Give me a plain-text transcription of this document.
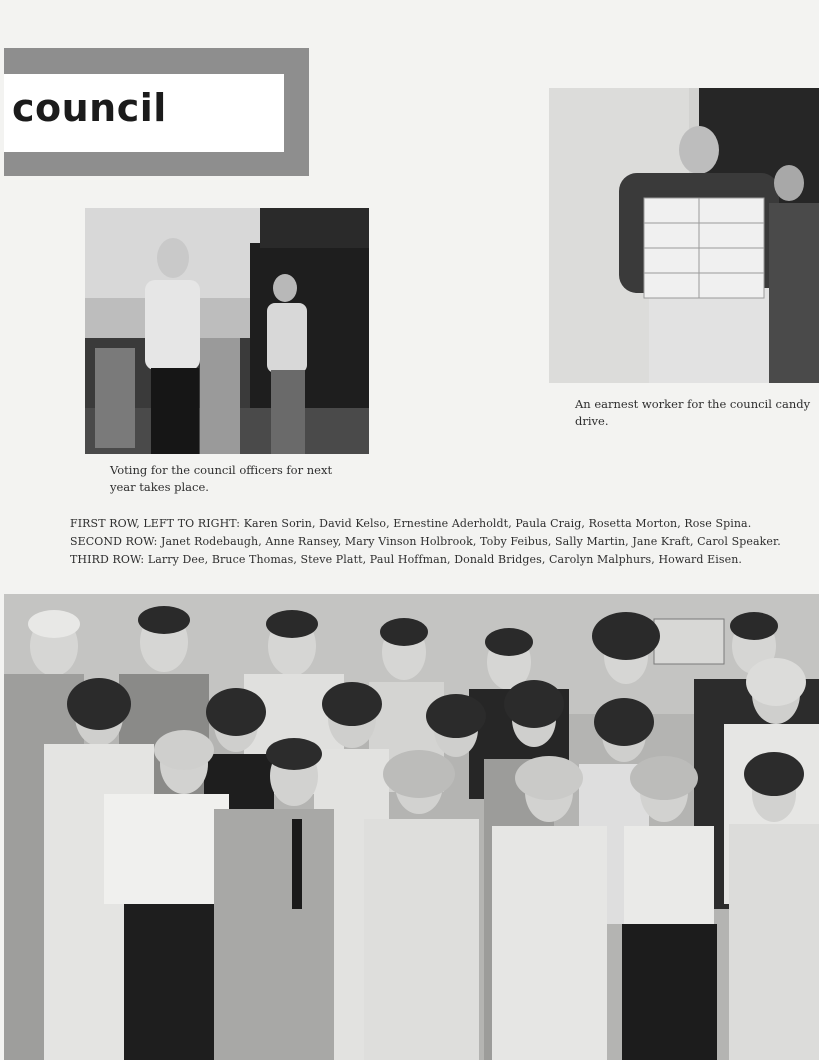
council
Voting for the council officers for next year takes place.
An earnest worker for the council candy drive.
FIRST ROW, LEFT TO RIGHT: Karen Sorin, David Kelso, Ernestine Aderholdt, Paula Craig, Rosetta Morton, Rose Spina. SECOND ROW: Janet Rodebaugh, Anne Ransey, Mary Vinson Holbrook, Toby Feibus, Sally Martin, Jane Kraft, Carol Speaker. THIRD ROW: Larry Dee, Bruce Thomas, Steve Platt, Paul Hoffman, Donald Bridges, Carolyn Malphurs, Howard Eisen.
